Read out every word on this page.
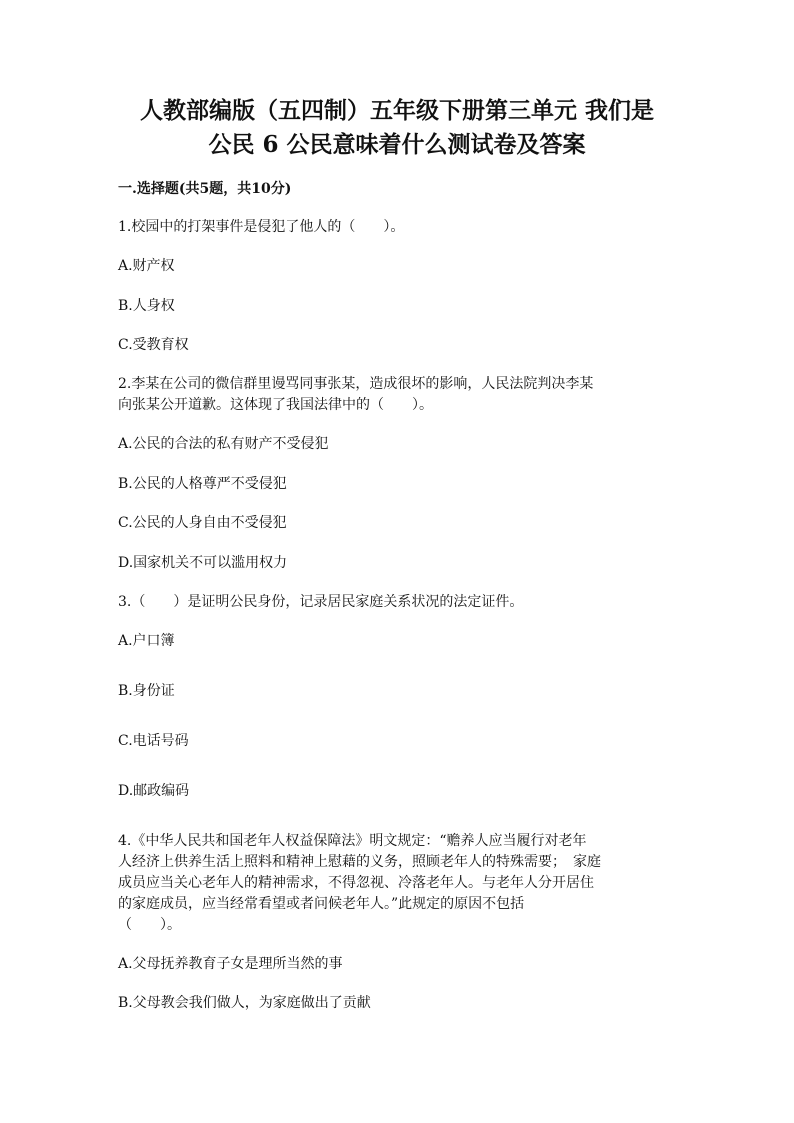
人教部编版（五四制）五年级下册第三单元 我们是
公民 6 公民意味着什么测试卷及答案
一.选择题(共5题，共10分)
1.校园中的打架事件是侵犯了他人的（　　）。
A.财产权
B.人身权
C.受教育权
2.李某在公司的微信群里谩骂同事张某，造成很坏的影响，人民法院判决李某
向张某公开道歉。这体现了我国法律中的（　　）。
A.公民的合法的私有财产不受侵犯
B.公民的人格尊严不受侵犯
C.公民的人身自由不受侵犯
D.国家机关不可以滥用权力
3.（　　）是证明公民身份，记录居民家庭关系状况的法定证件。
A.户口簿
B.身份证
C.电话号码
D.邮政编码
4.《中华人民共和国老年人权益保障法》明文规定：“赡养人应当履行对老年
人经济上供养生活上照料和精神上慰藉的义务，照顾老年人的特殊需要；　家庭
成员应当关心老年人的精神需求，不得忽视、冷落老年人。与老年人分开居住
的家庭成员，应当经常看望或者问候老年人。”此规定的原因不包括
（　　）。
A.父母抚养教育子女是理所当然的事
B.父母教会我们做人，为家庭做出了贡献
